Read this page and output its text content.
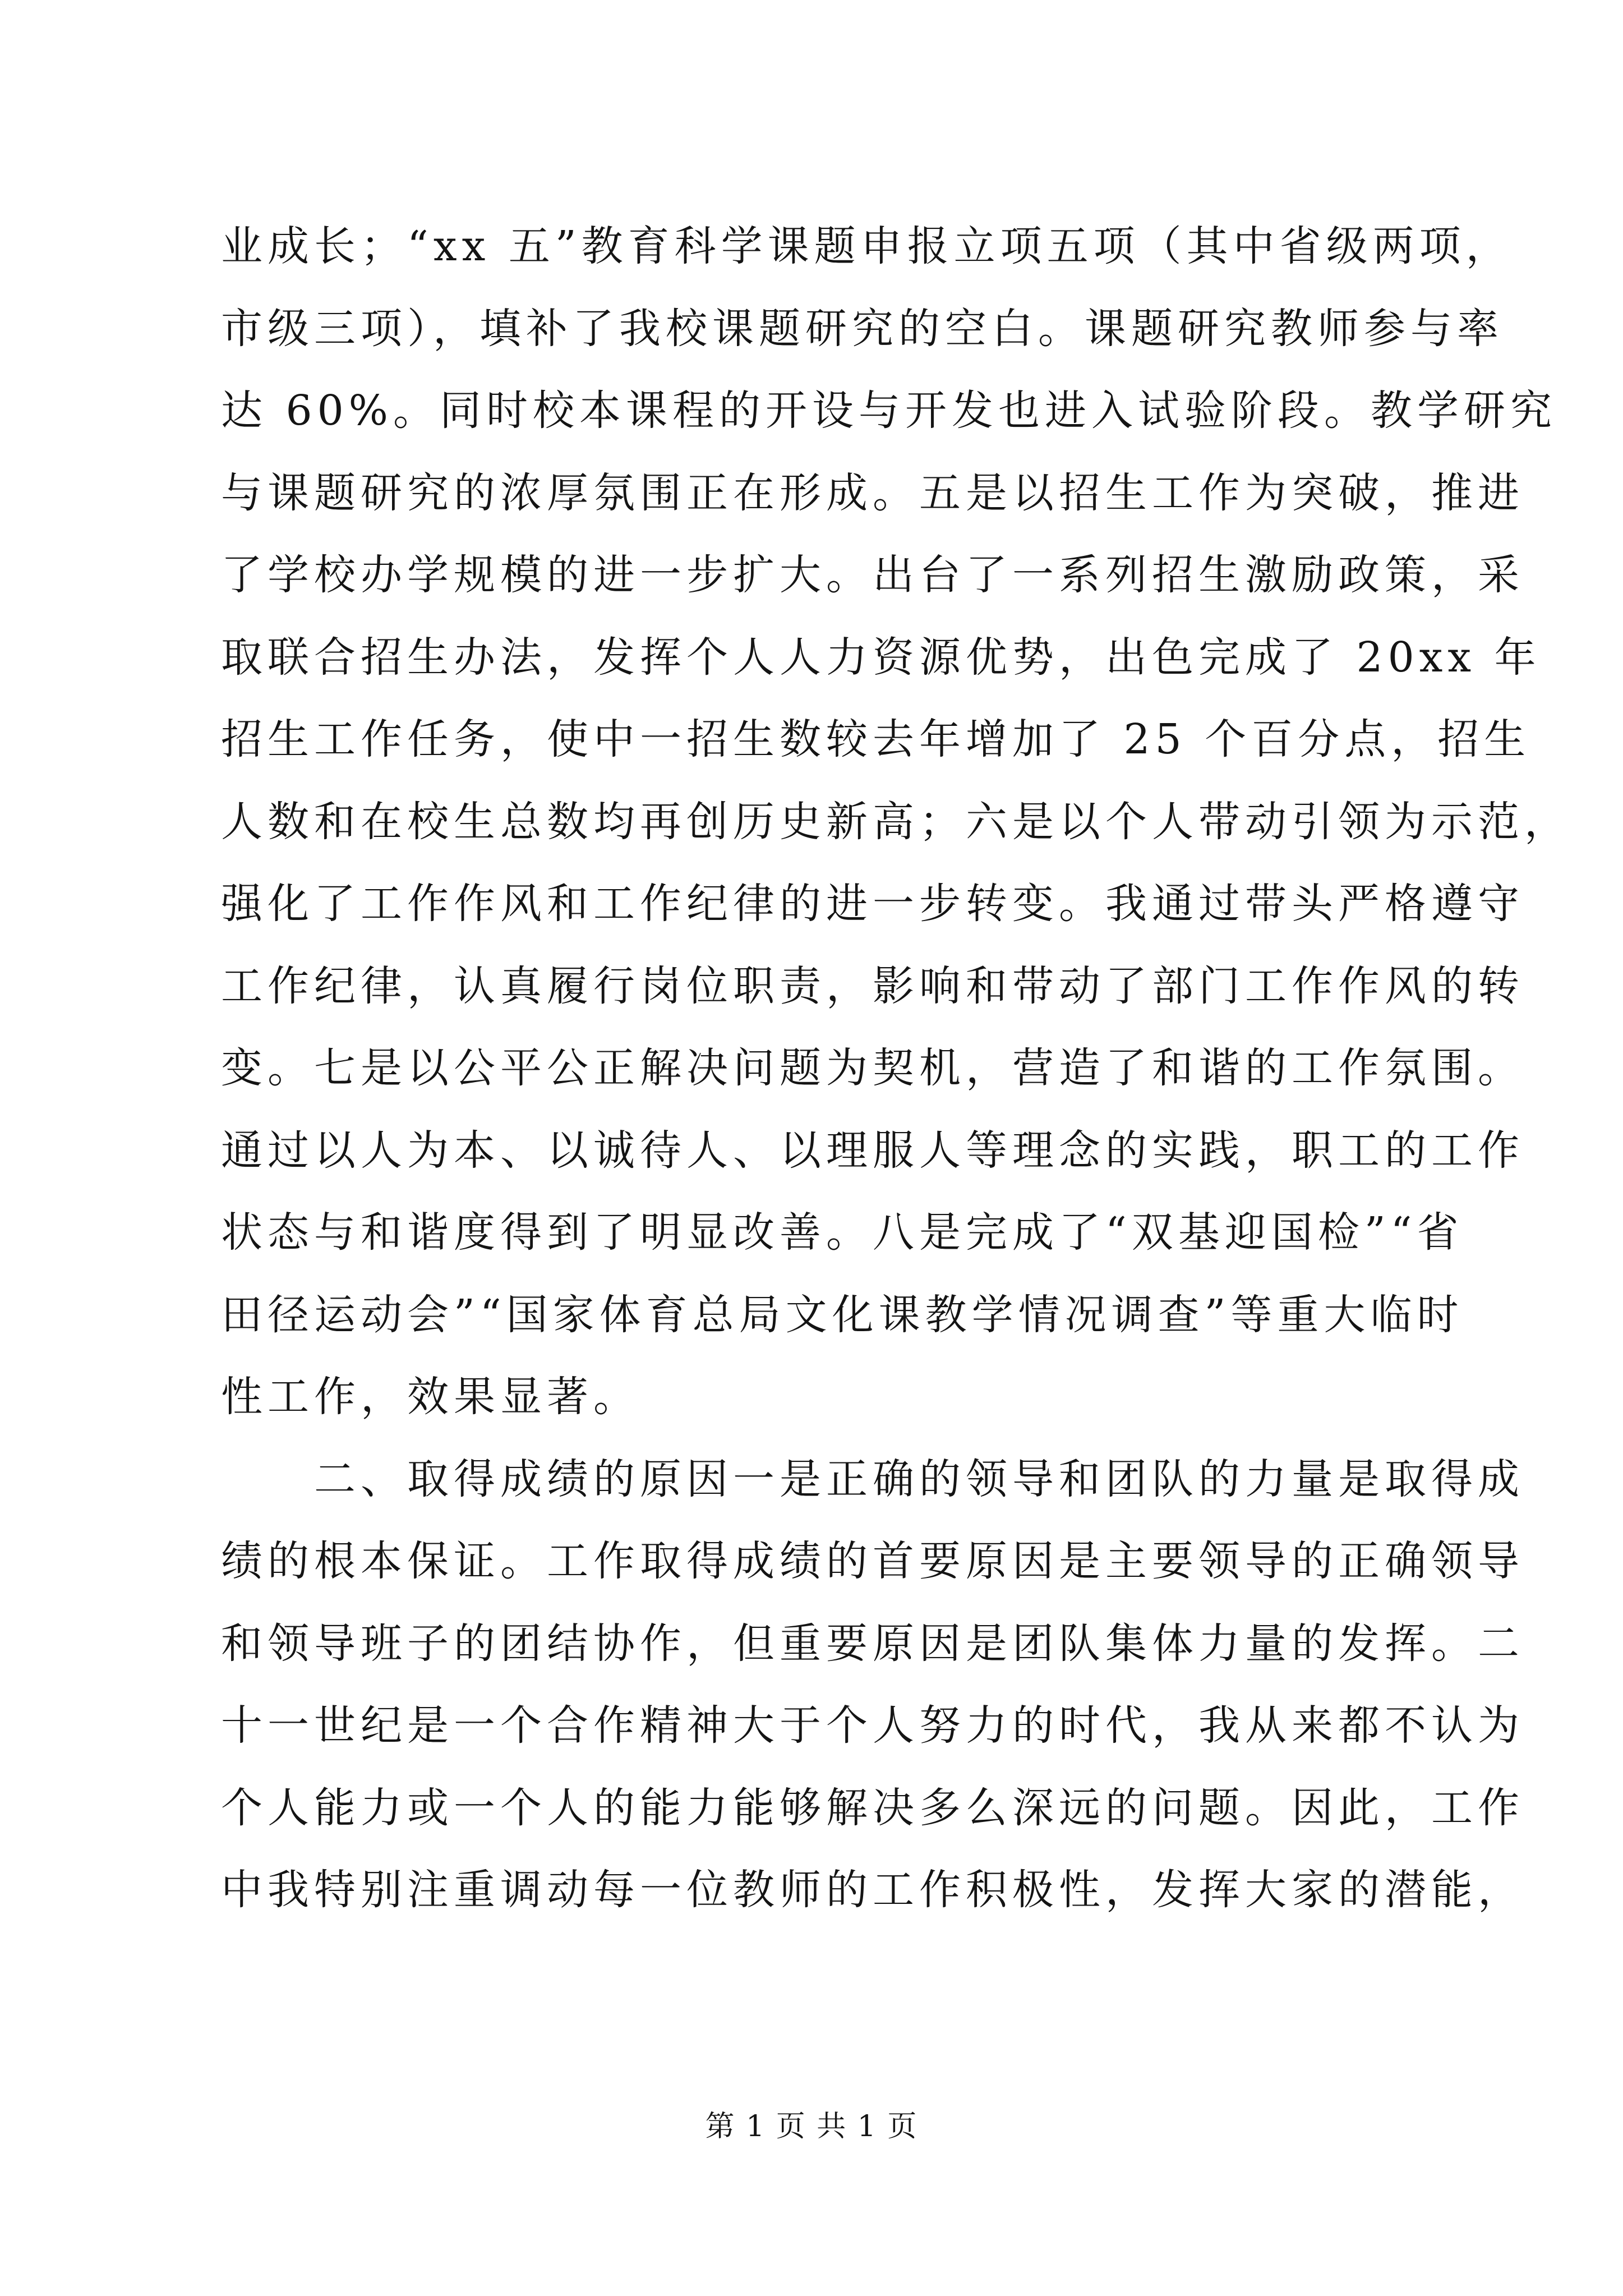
业成长；“xx 五”教育科学课题申报立项五项（其中省级两项，
市级三项），填补了我校课题研究的空白。课题研究教师参与率
达 60%。同时校本课程的开设与开发也进入试验阶段。教学研究
与课题研究的浓厚氛围正在形成。五是以招生工作为突破，推进
了学校办学规模的进一步扩大。出台了一系列招生激励政策，采
取联合招生办法，发挥个人人力资源优势，出色完成了 20xx 年
招生工作任务，使中一招生数较去年增加了 25 个百分点，招生
人数和在校生总数均再创历史新高；六是以个人带动引领为示范，
强化了工作作风和工作纪律的进一步转变。我通过带头严格遵守
工作纪律，认真履行岗位职责，影响和带动了部门工作作风的转
变。七是以公平公正解决问题为契机，营造了和谐的工作氛围。
通过以人为本、以诚待人、以理服人等理念的实践，职工的工作
状态与和谐度得到了明显改善。八是完成了“双基迎国检”“省
田径运动会”“国家体育总局文化课教学情况调查”等重大临时
性工作，效果显著。
二、取得成绩的原因一是正确的领导和团队的力量是取得成
绩的根本保证。工作取得成绩的首要原因是主要领导的正确领导
和领导班子的团结协作，但重要原因是团队集体力量的发挥。二
十一世纪是一个合作精神大于个人努力的时代，我从来都不认为
个人能力或一个人的能力能够解决多么深远的问题。因此，工作
中我特别注重调动每一位教师的工作积极性，发挥大家的潜能，
第 1 页 共 1 页
